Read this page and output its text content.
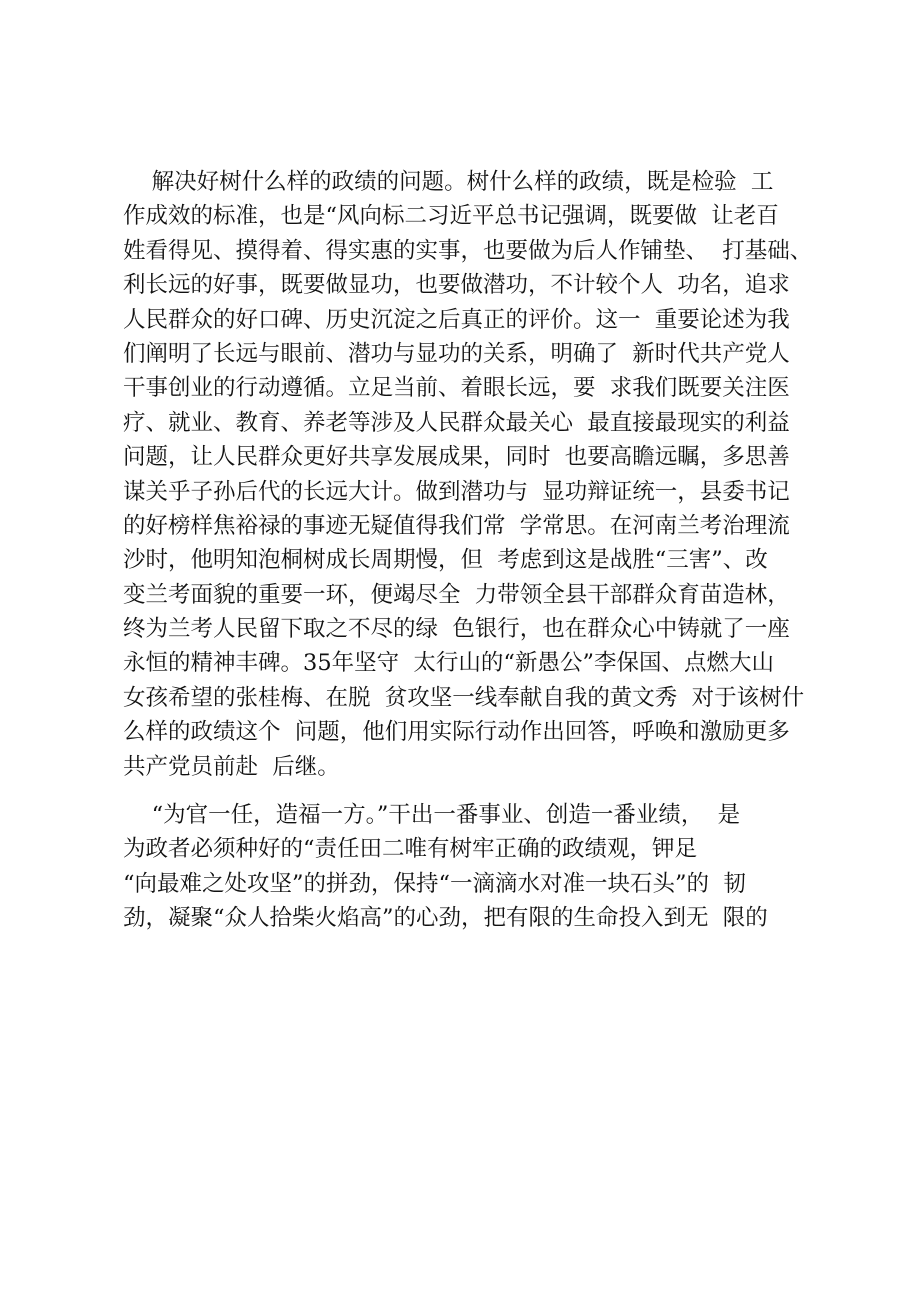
解决好树什么样的政绩的问题。树什么样的政绩，既是检验  工
作成效的标准，也是“风向标二习近平总书记强调，既要做  让老百
姓看得见、摸得着、得实惠的实事，也要做为后人作铺垫、  打基础、
利长远的好事，既要做显功，也要做潜功，不计较个人  功名，追求
人民群众的好口碑、历史沉淀之后真正的评价。这一  重要论述为我
们阐明了长远与眼前、潜功与显功的关系，明确了  新时代共产党人
干事创业的行动遵循。立足当前、着眼长远，要  求我们既要关注医
疗、就业、教育、养老等涉及人民群众最关心  最直接最现实的利益
问题，让人民群众更好共享发展成果，同时  也要高瞻远瞩，多思善
谋关乎子孙后代的长远大计。做到潜功与  显功辩证统一，县委书记
的好榜样焦裕禄的事迹无疑值得我们常  学常思。在河南兰考治理流
沙时，他明知泡桐树成长周期慢，但  考虑到这是战胜“三害”、改
变兰考面貌的重要一环，便竭尽全  力带领全县干部群众育苗造林，
终为兰考人民留下取之不尽的绿  色银行，也在群众心中铸就了一座
永恒的精神丰碑。35年坚守  太行山的“新愚公”李保国、点燃大山
女孩希望的张桂梅、在脱  贫攻坚一线奉献自我的黄文秀  对于该树什
么样的政绩这个  问题，他们用实际行动作出回答，呼唤和激励更多
共产党员前赴  后继。
“为官一任，造福一方。”干出一番事业、创造一番业绩，  是
为政者必须种好的“责任田二唯有树牢正确的政绩观，钾足
“向最难之处攻坚”的拼劲，保持“一滴滴水对准一块石头”的  韧
劲，凝聚“众人拾柴火焰高”的心劲，把有限的生命投入到无  限的
